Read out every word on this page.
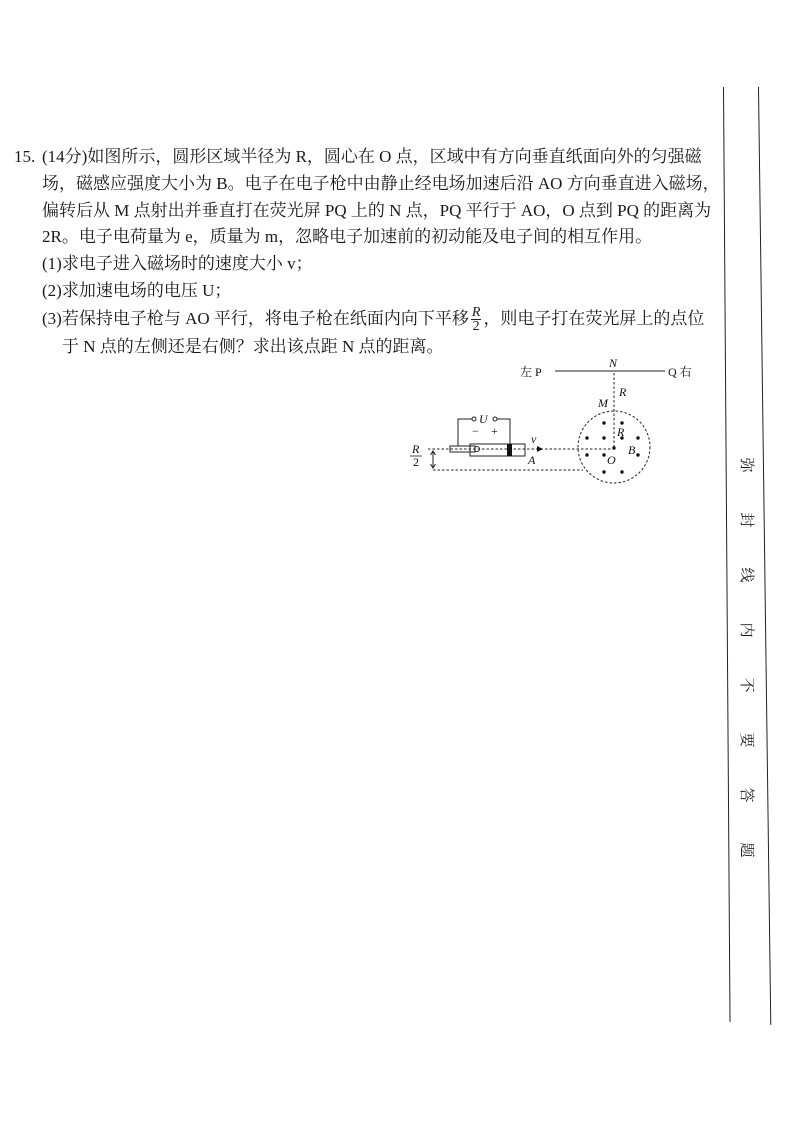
15. (14分)如图所示，圆形区域半径为 R，圆心在 O 点，区域中有方向垂直纸面向外的匀强磁
场，磁感应强度大小为 B。电子在电子枪中由静止经电场加速后沿 AO 方向垂直进入磁场，
偏转后从 M 点射出并垂直打在荧光屏 PQ 上的 N 点，PQ 平行于 AO，O 点到 PQ 的距离为
2R。电子电荷量为 e，质量为 m，忽略电子加速前的初动能及电子间的相互作用。
(1)求电子进入磁场时的速度大小 v；
(2)求加速电场的电压 U；
(3)若保持电子枪与 AO 平行，将电子枪在纸面内向下平移 $\frac{R}{2}$ ，则电子打在荧光屏上的点位
于 N 点的左侧还是右侧？求出该点距 N 点的距离。
左 P	Q 右
N
R
M
R
B
O
A
v
U
− +
R
2	弥
封
线
内
不
要
答
题
